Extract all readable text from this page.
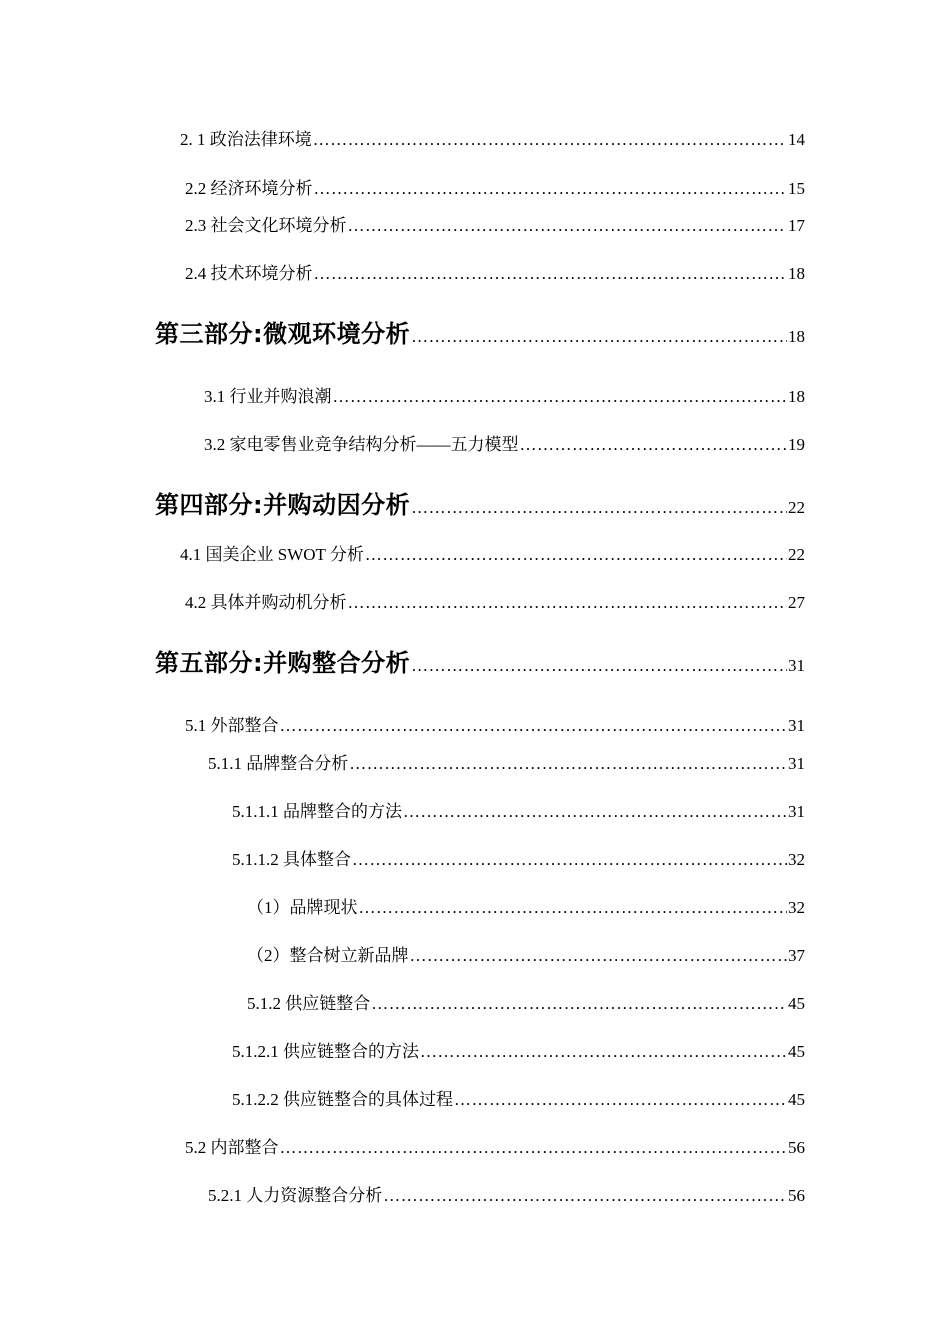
2. 1 政治法律环境 ……………………………………………………………………………………………………………………………………………………………………………………………………………………………………………………………	14
2.2 经济环境分析 ……………………………………………………………………………………………………………………………………………………………………………………………………………………………………………………………	15
2.3 社会文化环境分析 ……………………………………………………………………………………………………………………………………………………………………………………………………………………………………………………………	17
2.4 技术环境分析 ……………………………………………………………………………………………………………………………………………………………………………………………………………………………………………………………	18
第三部分:微观环境分析 ……………………………………………………………………………………………………………………………………………………………………………………………………………………………………………………………	18
3.1 行业并购浪潮 ……………………………………………………………………………………………………………………………………………………………………………………………………………………………………………………………	18
3.2 家电零售业竞争结构分析——五力模型 ……………………………………………………………………………………………………………………………………………………………………………………………………………………………………………………………	19
第四部分:并购动因分析 ……………………………………………………………………………………………………………………………………………………………………………………………………………………………………………………………	22
4.1 国美企业 SWOT 分析 ……………………………………………………………………………………………………………………………………………………………………………………………………………………………………………………………	22
4.2 具体并购动机分析 ……………………………………………………………………………………………………………………………………………………………………………………………………………………………………………………………	27
第五部分:并购整合分析 ……………………………………………………………………………………………………………………………………………………………………………………………………………………………………………………………	31
5.1 外部整合 ……………………………………………………………………………………………………………………………………………………………………………………………………………………………………………………………	31
5.1.1 品牌整合分析 ……………………………………………………………………………………………………………………………………………………………………………………………………………………………………………………………	31
5.1.1.1 品牌整合的方法 ……………………………………………………………………………………………………………………………………………………………………………………………………………………………………………………………	31
5.1.1.2 具体整合 ……………………………………………………………………………………………………………………………………………………………………………………………………………………………………………………………	32
（1）品牌现状 ……………………………………………………………………………………………………………………………………………………………………………………………………………………………………………………………	32
（2）整合树立新品牌 ……………………………………………………………………………………………………………………………………………………………………………………………………………………………………………………………	37
5.1.2 供应链整合 ……………………………………………………………………………………………………………………………………………………………………………………………………………………………………………………………	45
5.1.2.1 供应链整合的方法 ……………………………………………………………………………………………………………………………………………………………………………………………………………………………………………………………	45
5.1.2.2 供应链整合的具体过程 ……………………………………………………………………………………………………………………………………………………………………………………………………………………………………………………………	45
5.2 内部整合 ……………………………………………………………………………………………………………………………………………………………………………………………………………………………………………………………	56
5.2.1 人力资源整合分析 ……………………………………………………………………………………………………………………………………………………………………………………………………………………………………………………………	56
